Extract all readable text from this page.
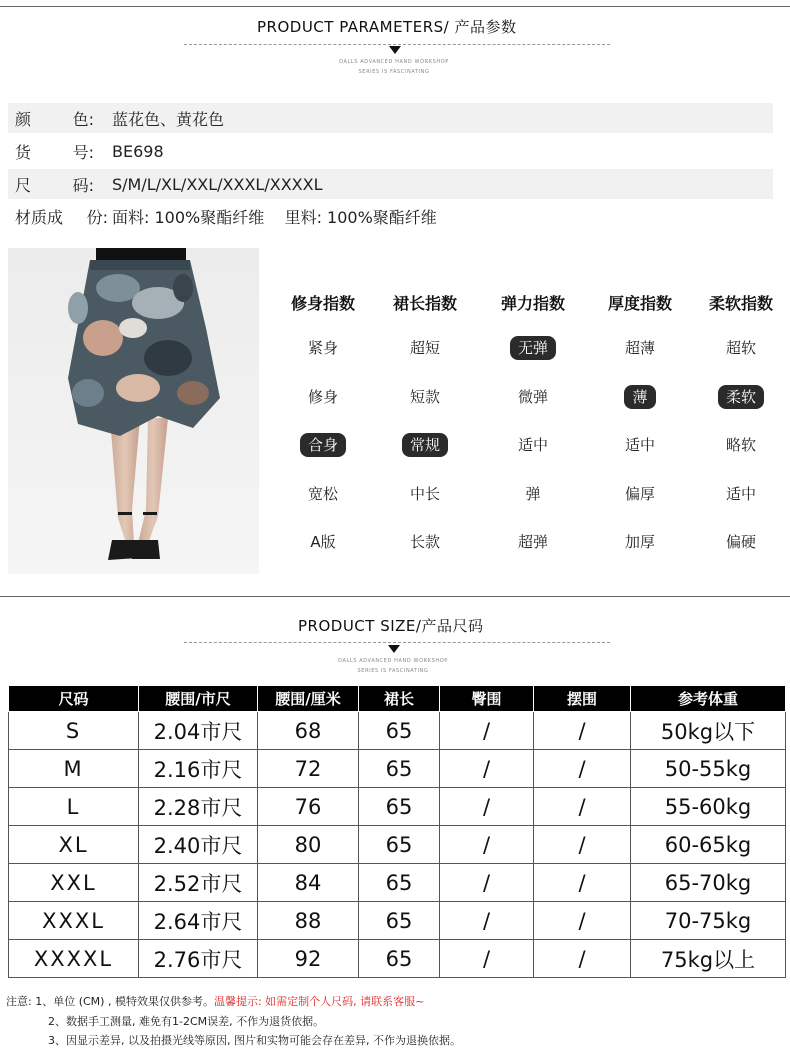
PRODUCT PARAMETERS/ 产品参数
DALLS ADVANCED HAND WORKSHOP
SERIES IS FASCINATING
颜	色: 蓝花色、黄花色
货	号: BE698
尺	码: S/M/L/XL/XXL/XXXL/XXXXL
材质成 份: 面料: 100%聚酯纤维    里料: 100%聚酯纤维
修身指数	裙长指数	弹力指数	厚度指数	柔软指数
紧身	超短	无弹	超薄	超软
修身	短款	微弹	薄	柔软
合身	常规	适中	适中	略软
宽松	中长	弹	偏厚	适中
A版	长款	超弹	加厚	偏硬
PRODUCT SIZE/产品尺码
DALLS ADVANCED HAND WORKSHOP
SERIES IS FASCINATING
尺码	腰围/市尺	腰围/厘米	裙长	臀围	摆围	参考体重
S	2.04市尺	68	65	/	/	50kg以下
M	2.16市尺	72	65	/	/	50-55kg
L	2.28市尺	76	65	/	/	55-60kg
XL	2.40市尺	80	65	/	/	60-65kg
XXL	2.52市尺	84	65	/	/	65-70kg
XXXL	2.64市尺	88	65	/	/	70-75kg
XXXXL	2.76市尺	92	65	/	/	75kg以上
注意: 1、单位 (CM) , 模特效果仅供参考。温馨提示: 如需定制个人尺码, 请联系客服~
2、数据手工测量, 难免有1-2CM误差, 不作为退货依据。
3、因显示差异, 以及拍摄光线等原因, 图片和实物可能会存在差异, 不作为退换依据。
